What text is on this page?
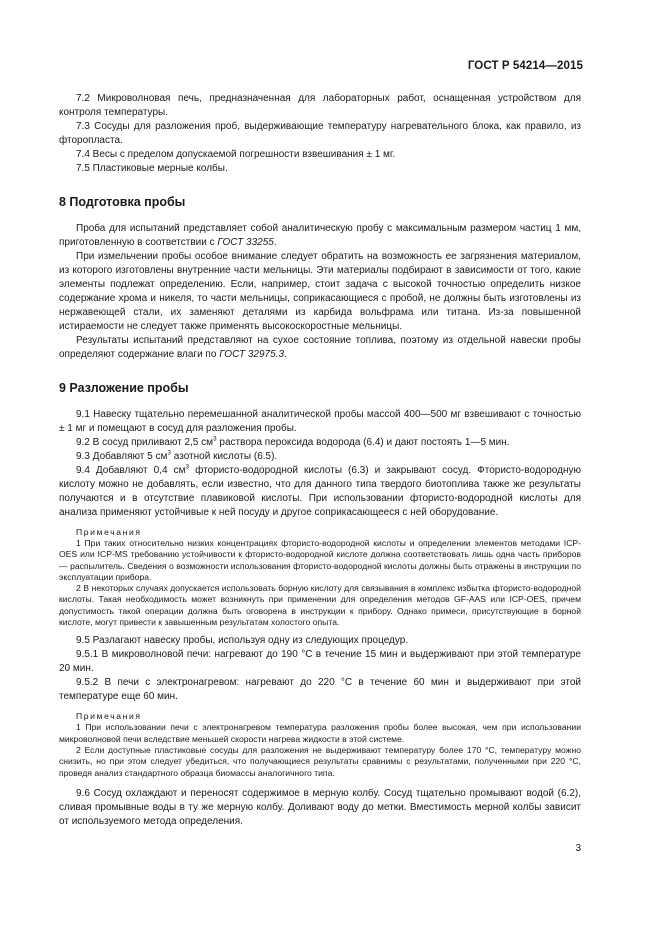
ГОСТ Р 54214—2015

7.2 Микроволновая печь, предназначенная для лабораторных работ, оснащенная устройством для контроля температуры.

7.3 Сосуды для разложения проб, выдерживающие температуру нагревательного блока, как правило, из фторопласта.

7.4 Весы с пределом допускаемой погрешности взвешивания ± 1 мг.

7.5 Пластиковые мерные колбы.

8 Подготовка пробы

Проба для испытаний представляет собой аналитическую пробу с максимальным размером частиц 1 мм, приготовленную в соответствии с ГОСТ 33255.

При измельчении пробы особое внимание следует обратить на возможность ее загрязнения материалом, из которого изготовлены внутренние части мельницы. Эти материалы подбирают в зависимости от того, какие элементы подлежат определению. Если, например, стоит задача с высокой точностью определить низкое содержание хрома и никеля, то части мельницы, соприкасающиеся с пробой, не должны быть изготовлены из нержавеющей стали, их заменяют деталями из карбида вольфрама или титана. Из-за повышенной истираемости не следует также применять высокоскоростные мельницы.

Результаты испытаний представляют на сухое состояние топлива, поэтому из отдельной навески пробы определяют содержание влаги по ГОСТ 32975.3.

9 Разложение пробы

9.1 Навеску тщательно перемешанной аналитической пробы массой 400—500 мг взвешивают с точностью ± 1 мг и помещают в сосуд для разложения пробы.

9.2 В сосуд приливают 2,5 $см^3$ раствора пероксида водорода (6.4) и дают постоять 1—5 мин.

9.3 Добавляют 5 $см^3$ азотной кислоты (6.5).

9.4 Добавляют 0,4 $см^3$ фтористо-водородной кислоты (6.3) и закрывают сосуд. Фтористо-водородную кислоту можно не добавлять, если известно, что для данного типа твердого биотоплива также же результаты получаются и в отсутствие плавиковой кислоты. При использовании фтористо-водородной кислоты для анализа применяют устойчивые к ней посуду и другое соприкасающееся с ней оборудование.

Примечания

1 При таких относительно низких концентрациях фтористо-водородной кислоты и определении элементов методами ICP-OES или ICP-MS требованию устойчивости к фтористо-водородной кислоте должна соответствовать лишь одна часть приборов — распылитель. Сведения о возможности использования фтористо-водородной кислоты должны быть отражены в инструкции по эксплуатации прибора.

2 В некоторых случаях допускается использовать борную кислоту для связывания в комплекс избытка фтористо-водородной кислоты. Такая необходимость может возникнуть при применении для определения методов GF-AAS или ICP-OES, причем допустимость такой операции должна быть оговорена в инструкции к прибору. Однако примеси, присутствующие в борной кислоте, могут привести к завышенным результатам холостого опыта.

9.5 Разлагают навеску пробы, используя одну из следующих процедур.

9.5.1 В микроволновой печи: нагревают до 190 °С в течение 15 мин и выдерживают при этой температуре 20 мин.

9.5.2 В печи с электронагревом: нагревают до 220 °С в течение 60 мин и выдерживают при этой температуре еще 60 мин.

Примечания

1 При использовании печи с электронагревом температура разложения пробы более высокая, чем при использовании микроволновой печи вследствие меньшей скорости нагрева жидкости в этой системе.

2 Если доступные пластиковые сосуды для разложения не выдерживают температуру более 170 °С, температуру можно снизить, но при этом следует убедиться, что получающиеся результаты сравнимы с результатами, полученными при 220 °С, проведя анализ стандартного образца биомассы аналогичного типа.

9.6 Сосуд охлаждают и переносят содержимое в мерную колбу. Сосуд тщательно промывают водой (6.2), сливая промывные воды в ту же мерную колбу. Доливают воду до метки. Вместимость мерной колбы зависит от используемого метода определения.

3
